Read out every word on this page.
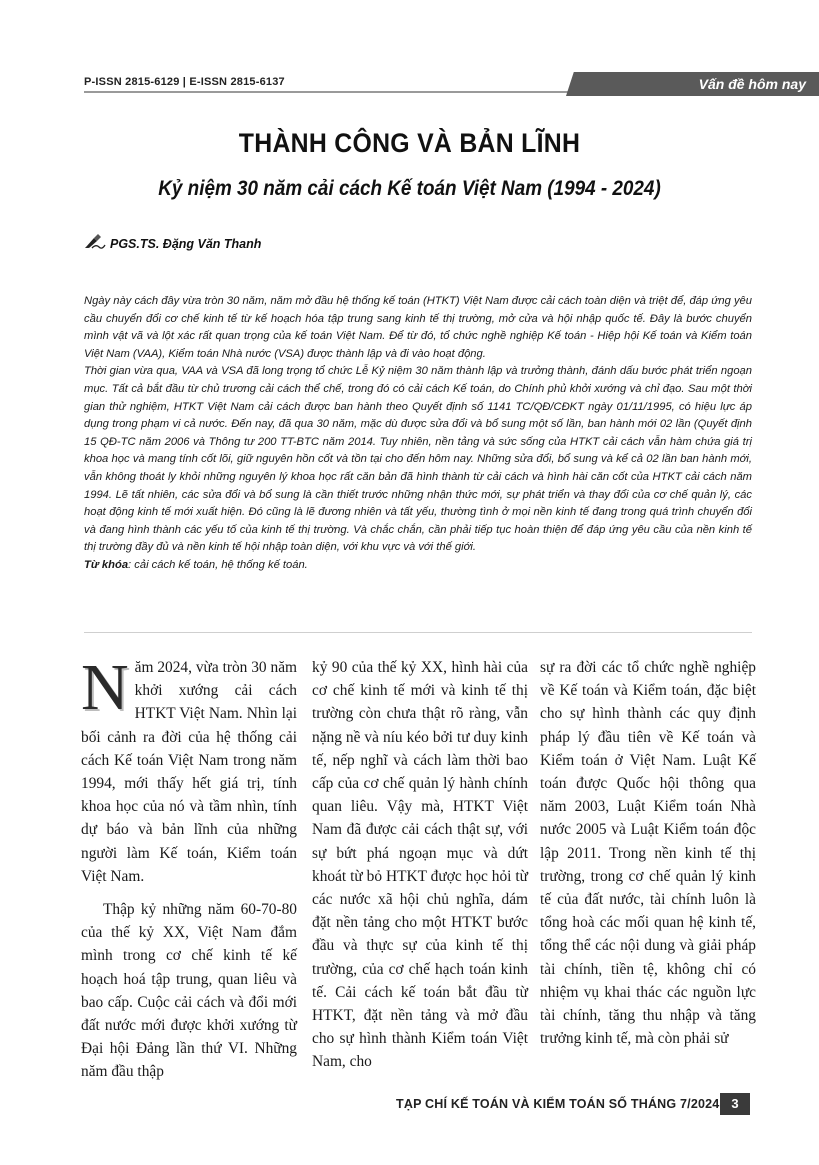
P-ISSN 2815-6129 | E-ISSN 2815-6137	Vấn đề hôm nay
THÀNH CÔNG VÀ BẢN LĨNH
Kỷ niệm 30 năm cải cách Kế toán Việt Nam (1994 - 2024)
PGS.TS. Đặng Văn Thanh

Ngày này cách đây vừa tròn 30 năm, năm mở đầu hệ thống kế toán (HTKT) Việt Nam được cải cách toàn diện và triệt để, đáp ứng yêu cầu chuyển đổi cơ chế kinh tế từ kế hoạch hóa tập trung sang kinh tế thị trường, mở cửa và hội nhập quốc tế. Đây là bước chuyển mình vật vã và lột xác rất quan trọng của kế toán Việt Nam. Để từ đó, tổ chức nghề nghiệp Kế toán - Hiệp hội Kế toán và Kiểm toán Việt Nam (VAA), Kiểm toán Nhà nước (VSA) được thành lập và đi vào hoạt động.

Thời gian vừa qua, VAA và VSA đã long trọng tổ chức Lễ Kỷ niệm 30 năm thành lập và trưởng thành, đánh dấu bước phát triển ngoạn mục. Tất cả bắt đầu từ chủ trương cải cách thể chế, trong đó có cải cách Kế toán, do Chính phủ khởi xướng và chỉ đạo. Sau một thời gian thử nghiệm, HTKT Việt Nam cải cách được ban hành theo Quyết định số 1141 TC/QĐ/CĐKT ngày 01/11/1995, có hiệu lực áp dụng trong phạm vi cả nước. Đến nay, đã qua 30 năm, mặc dù được sửa đổi và bổ sung một số lần, ban hành mới 02 lần (Quyết định 15 QĐ-TC năm 2006 và Thông tư 200 TT-BTC năm 2014. Tuy nhiên, nền tảng và sức sống của HTKT cải cách vẫn hàm chứa giá trị khoa học và mang tính cốt lõi, giữ nguyên hồn cốt và tồn tại cho đến hôm nay. Những sửa đổi, bổ sung và kể cả 02 lần ban hành mới, vẫn không thoát ly khỏi những nguyên lý khoa học rất căn bản đã hình thành từ cải cách và hình hài căn cốt của HTKT cải cách năm 1994. Lẽ tất nhiên, các sửa đổi và bổ sung là cần thiết trước những nhận thức mới, sự phát triển và thay đổi của cơ chế quản lý, các hoạt động kinh tế mới xuất hiện. Đó cũng là lẽ đương nhiên và tất yếu, thường tình ở mọi nền kinh tế đang trong quá trình chuyển đổi và đang hình thành các yếu tố của kinh tế thị trường. Và chắc chắn, cần phải tiếp tục hoàn thiện để đáp ứng yêu cầu của nền kinh tế thị trường đầy đủ và nền kinh tế hội nhập toàn diện, với khu vực và với thế giới.

Từ khóa: cải cách kế toán, hệ thống kế toán.

Năm 2024, vừa tròn 30 năm khởi xướng cải cách HTKT Việt Nam. Nhìn lại bối cảnh ra đời của hệ thống cải cách Kế toán Việt Nam trong năm 1994, mới thấy hết giá trị, tính khoa học của nó và tầm nhìn, tính dự báo và bản lĩnh của những người làm Kế toán, Kiểm toán Việt Nam.

Thập kỷ những năm 60-70-80 của thế kỷ XX, Việt Nam đắm mình trong cơ chế kinh tế kế hoạch hoá tập trung, quan liêu và bao cấp. Cuộc cải cách và đổi mới đất nước mới được khởi xướng từ Đại hội Đảng lần thứ VI. Những năm đầu thập

kỷ 90 của thế kỷ XX, hình hài của cơ chế kinh tế mới và kinh tế thị trường còn chưa thật rõ ràng, vẫn nặng nề và níu kéo bởi tư duy kinh tế, nếp nghĩ và cách làm thời bao cấp của cơ chế quản lý hành chính quan liêu. Vậy mà, HTKT Việt Nam đã được cải cách thật sự, với sự bứt phá ngoạn mục và dứt khoát từ bỏ HTKT được học hỏi từ các nước xã hội chủ nghĩa, dám đặt nền tảng cho một HTKT bước đầu và thực sự của kinh tế thị trường, của cơ chế hạch toán kinh tế. Cải cách kế toán bắt đầu từ HTKT, đặt nền tảng và mở đầu cho sự hình thành Kiểm toán Việt Nam, cho

sự ra đời các tổ chức nghề nghiệp về Kế toán và Kiểm toán, đặc biệt cho sự hình thành các quy định pháp lý đầu tiên về Kế toán và Kiểm toán ở Việt Nam. Luật Kế toán được Quốc hội thông qua năm 2003, Luật Kiểm toán Nhà nước 2005 và Luật Kiểm toán độc lập 2011. Trong nền kinh tế thị trường, trong cơ chế quản lý kinh tế của đất nước, tài chính luôn là tổng hoà các mối quan hệ kinh tế, tổng thể các nội dung và giải pháp tài chính, tiền tệ, không chỉ có nhiệm vụ khai thác các nguồn lực tài chính, tăng thu nhập và tăng trưởng kinh tế, mà còn phải sử

TẠP CHÍ KẾ TOÁN VÀ KIỂM TOÁN SỐ THÁNG 7/2024 3
